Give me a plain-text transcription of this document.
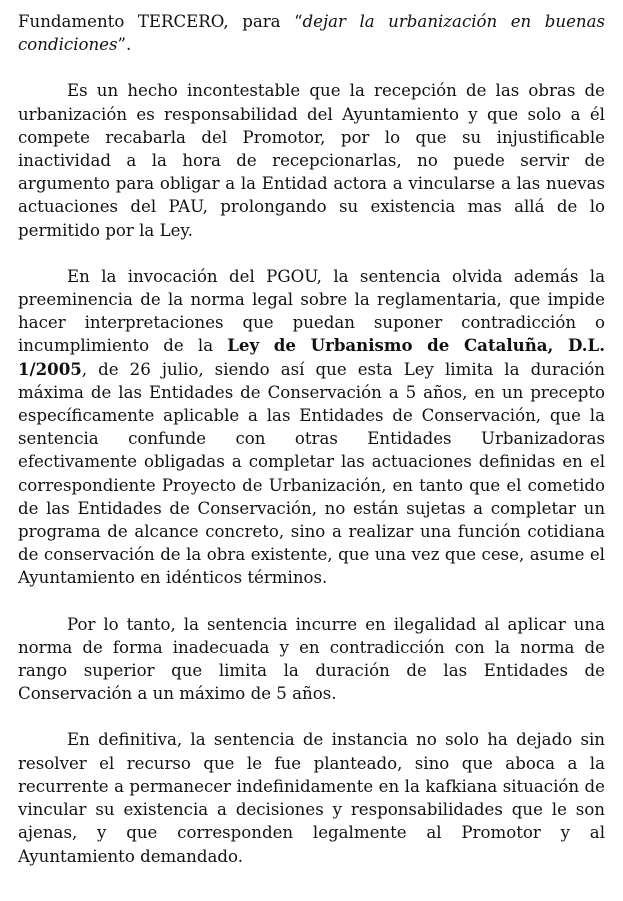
Fundamento TERCERO, para “dejar la urbanización en buenas condiciones”.

Es un hecho incontestable que la recepción de las obras de urbanización es responsabilidad del Ayuntamiento y que solo a él compete recabarla del Promotor, por lo que su injustificable inactividad a la hora de recepcionarlas, no puede servir de argumento para obligar a la Entidad actora a vincularse a las nuevas actuaciones del PAU, prolongando su existencia mas allá de lo permitido por la Ley.

En la invocación del PGOU, la sentencia olvida además la preeminencia de la norma legal sobre la reglamentaria, que impide hacer interpretaciones que puedan suponer contradicción o incumplimiento de la Ley de Urbanismo de Cataluña, D.L. 1/2005, de 26 julio, siendo así que esta Ley limita la duración máxima de las Entidades de Conservación a 5 años, en un precepto específicamente aplicable a las Entidades de Conservación, que la sentencia confunde con otras Entidades Urbanizadoras efectivamente obligadas a completar las actuaciones definidas en el correspondiente Proyecto de Urbanización, en tanto que el cometido de las Entidades de Conservación, no están sujetas a completar un programa de alcance concreto, sino a realizar una función cotidiana de conservación de la obra existente, que una vez que cese, asume el Ayuntamiento en idénticos términos.

Por lo tanto, la sentencia incurre en ilegalidad al aplicar una norma de forma inadecuada y en contradicción con la norma de rango superior que limita la duración de las Entidades de Conservación a un máximo de 5 años.

En definitiva, la sentencia de instancia no solo ha dejado sin resolver el recurso que le fue planteado, sino que aboca a la recurrente a permanecer indefinidamente en la kafkiana situación de vincular su existencia a decisiones y responsabilidades que le son ajenas, y que corresponden legalmente al Promotor y al Ayuntamiento demandado.
